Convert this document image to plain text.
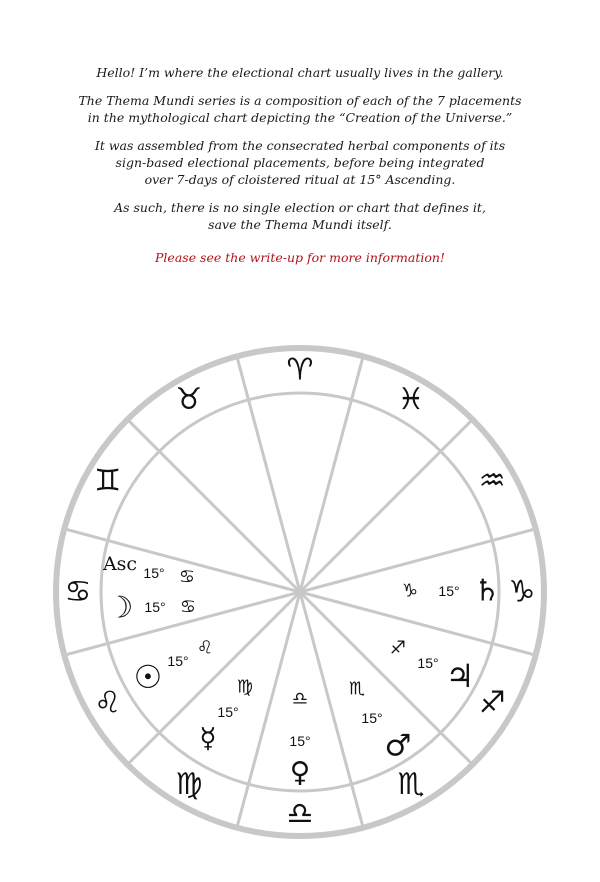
Hello! I’m where the electional chart usually lives in the gallery.

The Thema Mundi series is a composition of each of the 7 placements
in the mythological chart depicting the “Creation of the Universe.”

It was assembled from the consecrated herbal components of its
sign-based electional placements, before being integrated
over 7-days of cloistered ritual at 15° Ascending.

As such, there is no single election or chart that defines it,
save the Thema Mundi itself.

Please see the write-up for more information!

♈
♓
♒
♑
♐
♏
♎
♍
♌
♋
♊
♉
Asc 15° ♋
☽ 15° ♋
☉ 15°
♌
☿
15°
♍
♀
15°
♎
♂
15°
♏	♃
15°
♐
♄
15°
♑
